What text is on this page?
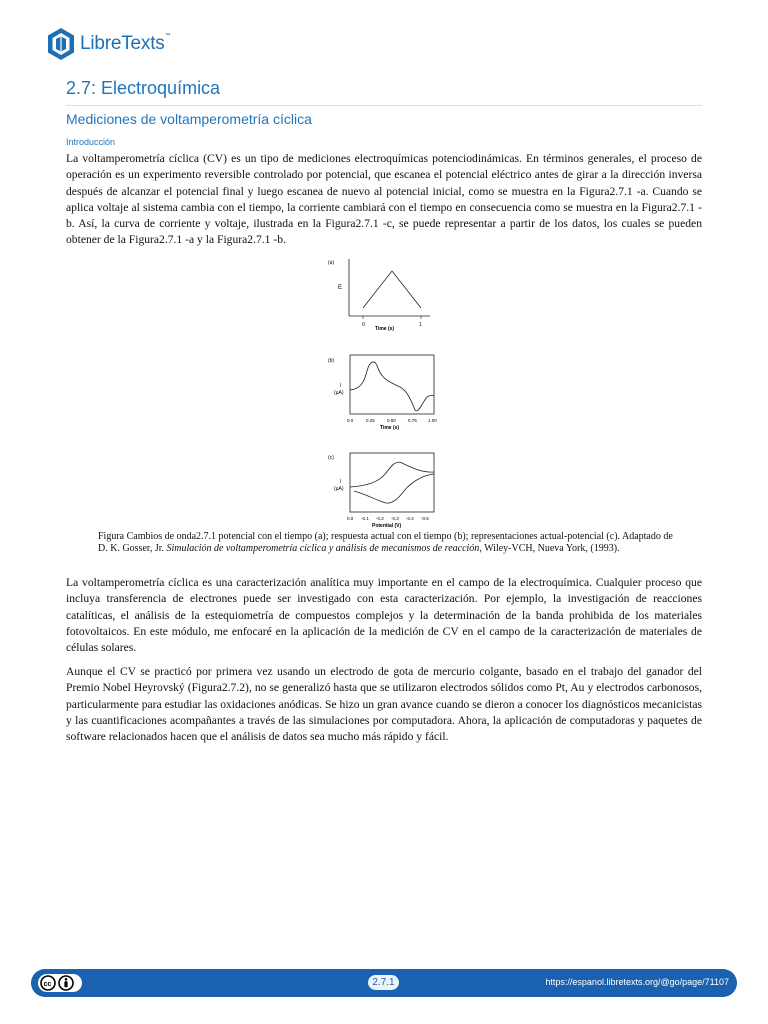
LibreTexts™
2.7: Electroquímica
Mediciones de voltamperometría cíclica
Introducción

La voltamperometría cíclica (CV) es un tipo de mediciones electroquímicas potenciodinámicas. En términos generales, el proceso de operación es un experimento reversible controlado por potencial, que escanea el potencial eléctrico antes de girar a la dirección inversa después de alcanzar el potencial final y luego escanea de nuevo al potencial inicial, como se muestra en la Figura2.7.1 -a. Cuando se aplica voltaje al sistema cambia con el tiempo, la corriente cambiará con el tiempo en consecuencia como se muestra en la Figura2.7.1 -b. Así, la curva de corriente y voltaje, ilustrada en la Figura2.7.1 -c, se puede representar a partir de los datos, los cuales se pueden obtener de la Figura2.7.1 -a y la Figura2.7.1 -b.

(a)
E
0	1
Time (s)
(b)
I
(µA)
0.0	0.25	0.50	0.75 1.00
Time (s)
(c)
I
(µA)
0.0 -0.1 -0.2 -0.3 -0.4 -0.5
Potential (V)

Figura Cambios de onda2.7.1 potencial con el tiempo (a); respuesta actual con el tiempo (b); representaciones actual-potencial (c). Adaptado de D. K. Gosser, Jr. Simulación de voltamperometría cíclica y análisis de mecanismos de reacción, Wiley-VCH, Nueva York, (1993).

La voltamperometría cíclica es una caracterización analítica muy importante en el campo de la electroquímica. Cualquier proceso que incluya transferencia de electrones puede ser investigado con esta caracterización. Por ejemplo, la investigación de reacciones catalíticas, el análisis de la estequiometría de compuestos complejos y la determinación de la banda prohibida de los materiales fotovoltaicos. En este módulo, me enfocaré en la aplicación de la medición de CV en el campo de la caracterización de materiales de células solares.

Aunque el CV se practicó por primera vez usando un electrodo de gota de mercurio colgante, basado en el trabajo del ganador del Premio Nobel Heyrovský (Figura2.7.2), no se generalizó hasta que se utilizaron electrodos sólidos como Pt, Au y electrodos carbonosos, particularmente para estudiar las oxidaciones anódicas. Se hizo un gran avance cuando se dieron a conocer los diagnósticos mecanicistas y las cuantificaciones acompañantes a través de las simulaciones por computadora. Ahora, la aplicación de computadoras y paquetes de software relacionados hacen que el análisis de datos sea mucho más rápido y fácil.

cc	2.7.1	https://espanol.libretexts.org/@go/page/71107
